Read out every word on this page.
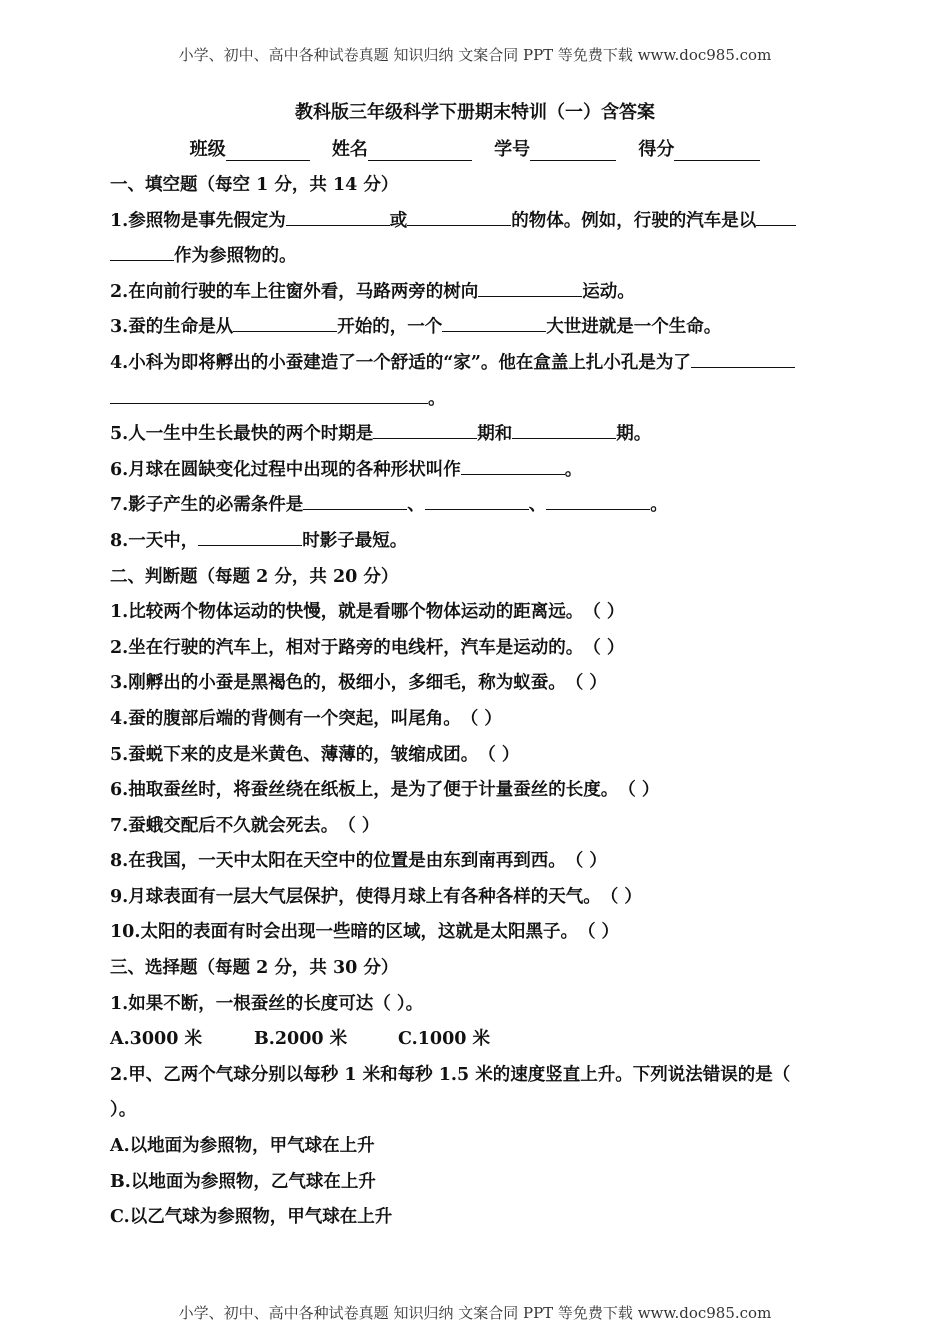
小学、初中、高中各种试卷真题 知识归纳 文案合同 PPT 等免费下载 www.doc985.com
教科版三年级科学下册期末特训（一）含答案
班级	姓名	学号	得分
一、填空题（每空 1 分，共 14 分）
1.参照物是事先假定为	或	的物体。例如，行驶的汽车是以
作为参照物的。
2.在向前行驶的车上往窗外看，马路两旁的树向	运动。
3.蚕的生命是从	开始的，一个	大世进就是一个生命。
4.小科为即将孵出的小蚕建造了一个舒适的“家”。他在盒盖上扎小孔是为了
。
5.人一生中生长最快的两个时期是	期和	期。
6.月球在圆缺变化过程中出现的各种形状叫作	。
7.影子产生的必需条件是	、	、	。
8.一天中，	时影子最短。
二、判断题（每题 2 分，共 20 分）
1.比较两个物体运动的快慢，就是看哪个物体运动的距离远。（ ）
2.坐在行驶的汽车上，相对于路旁的电线杆，汽车是运动的。（ ）
3.刚孵出的小蚕是黑褐色的，极细小，多细毛，称为蚁蚕。（ ）
4.蚕的腹部后端的背侧有一个突起，叫尾角。（ ）
5.蚕蜕下来的皮是米黄色、薄薄的，皱缩成团。（ ）
6.抽取蚕丝时，将蚕丝绕在纸板上，是为了便于计量蚕丝的长度。（ ）
7.蚕蛾交配后不久就会死去。（ ）
8.在我国，一天中太阳在天空中的位置是由东到南再到西。（ ）
9.月球表面有一层大气层保护，使得月球上有各种各样的天气。（ ）
10.太阳的表面有时会出现一些暗的区域，这就是太阳黑子。（ ）
三、选择题（每题 2 分，共 30 分）
1.如果不断，一根蚕丝的长度可达（ ）。
A.3000 米	B.2000 米	C.1000 米
2.甲、乙两个气球分别以每秒 1 米和每秒 1.5 米的速度竖直上升。下列说法错误的是（
）。
A.以地面为参照物，甲气球在上升
B.以地面为参照物，乙气球在上升
C.以乙气球为参照物，甲气球在上升
小学、初中、高中各种试卷真题 知识归纳 文案合同 PPT 等免费下载 www.doc985.com
